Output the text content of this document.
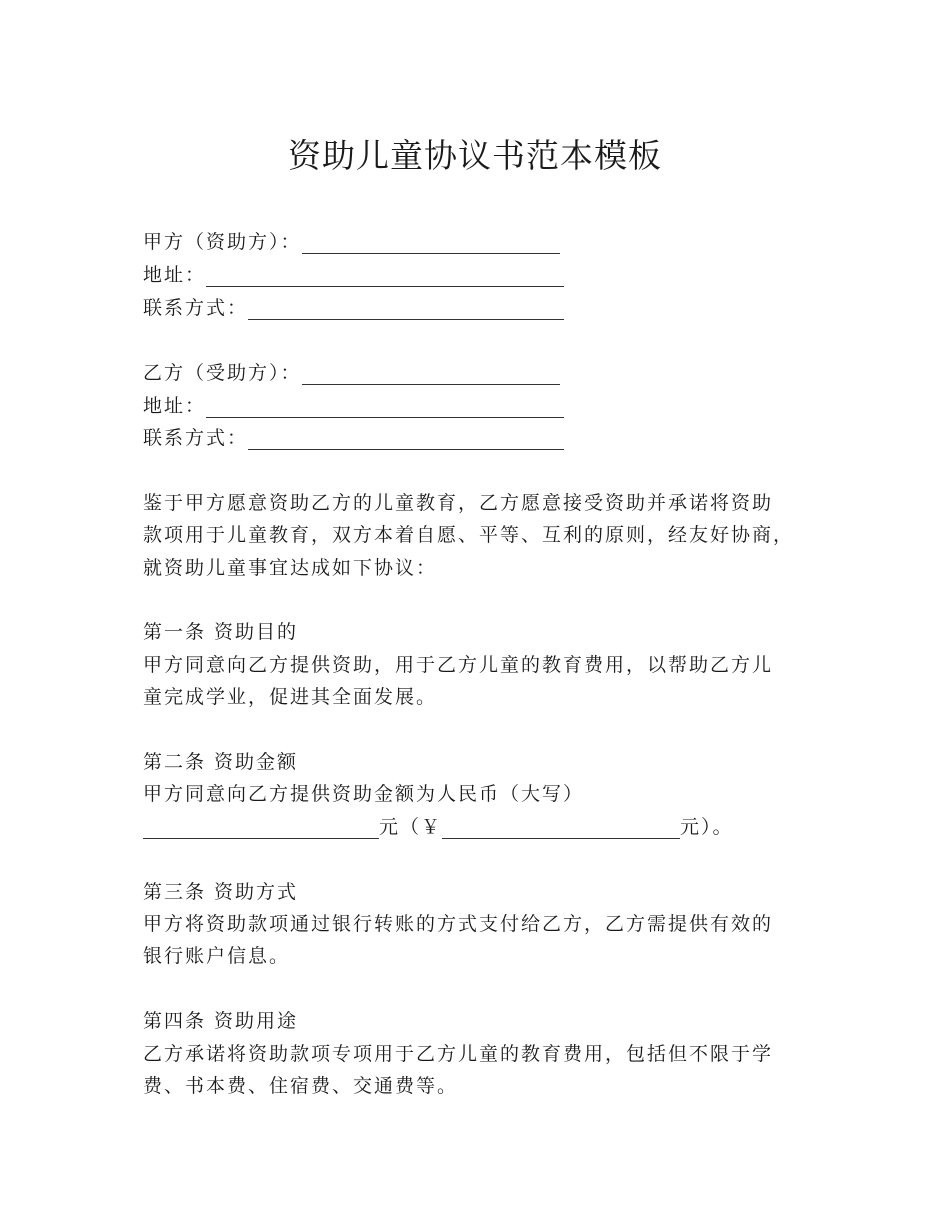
资助儿童协议书范本模板
甲方（资助方）：
地址：
联系方式：
乙方（受助方）：
地址：
联系方式：
鉴于甲方愿意资助乙方的儿童教育，乙方愿意接受资助并承诺将资助
款项用于儿童教育，双方本着自愿、平等、互利的原则，经友好协商，
就资助儿童事宜达成如下协议：
第一条 资助目的
甲方同意向乙方提供资助，用于乙方儿童的教育费用，以帮助乙方儿
童完成学业，促进其全面发展。
第二条 资助金额
甲方同意向乙方提供资助金额为人民币（大写）
元（￥	元）。
第三条 资助方式
甲方将资助款项通过银行转账的方式支付给乙方，乙方需提供有效的
银行账户信息。
第四条 资助用途
乙方承诺将资助款项专项用于乙方儿童的教育费用，包括但不限于学
费、书本费、住宿费、交通费等。
